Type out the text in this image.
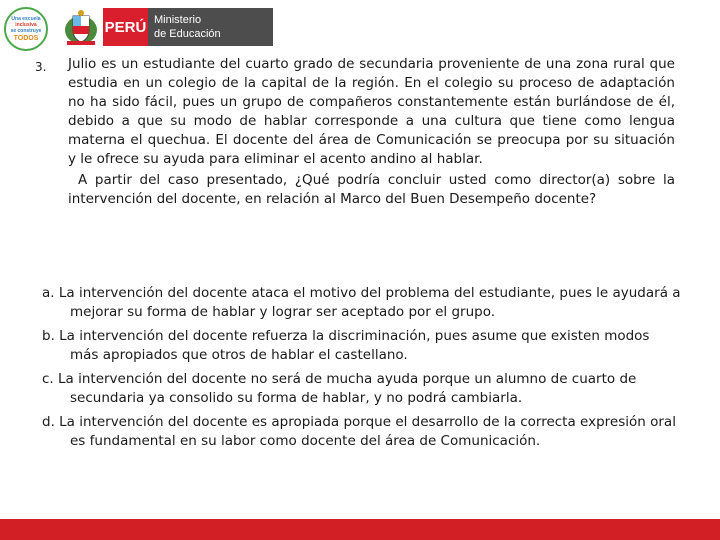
Una escuela
inclusiva
se construye
TODOS
PERÚ Ministerio
de Educación
3. Julio es un estudiante del cuarto grado de secundaria proveniente de una zona rural que estudia en un colegio de la capital de la región. En el colegio su proceso de adaptación no ha sido fácil, pues un grupo de compañeros constantemente están burlándose de él, debido a que su modo de hablar corresponde a una cultura que tiene como lengua materna el quechua. El docente del área de Comunicación se preocupa por su situación y le ofrece su ayuda para eliminar el acento andino al hablar.
A partir del caso presentado, ¿Qué podría concluir usted como director(a) sobre la intervención del docente, en relación al Marco del Buen Desempeño docente?
a. La intervención del docente ataca el motivo del problema del estudiante, pues le ayudará a mejorar su forma de hablar y lograr ser aceptado por el grupo.
b. La intervención del docente refuerza la discriminación, pues asume que existen modos más apropiados que otros de hablar el castellano.
c. La intervención del docente no será de mucha ayuda porque un alumno de cuarto de secundaria ya consolido su forma de hablar, y no podrá cambiarla.
d. La intervención del docente es apropiada porque el desarrollo de la correcta expresión oral es fundamental en su labor como docente del área de Comunicación.
